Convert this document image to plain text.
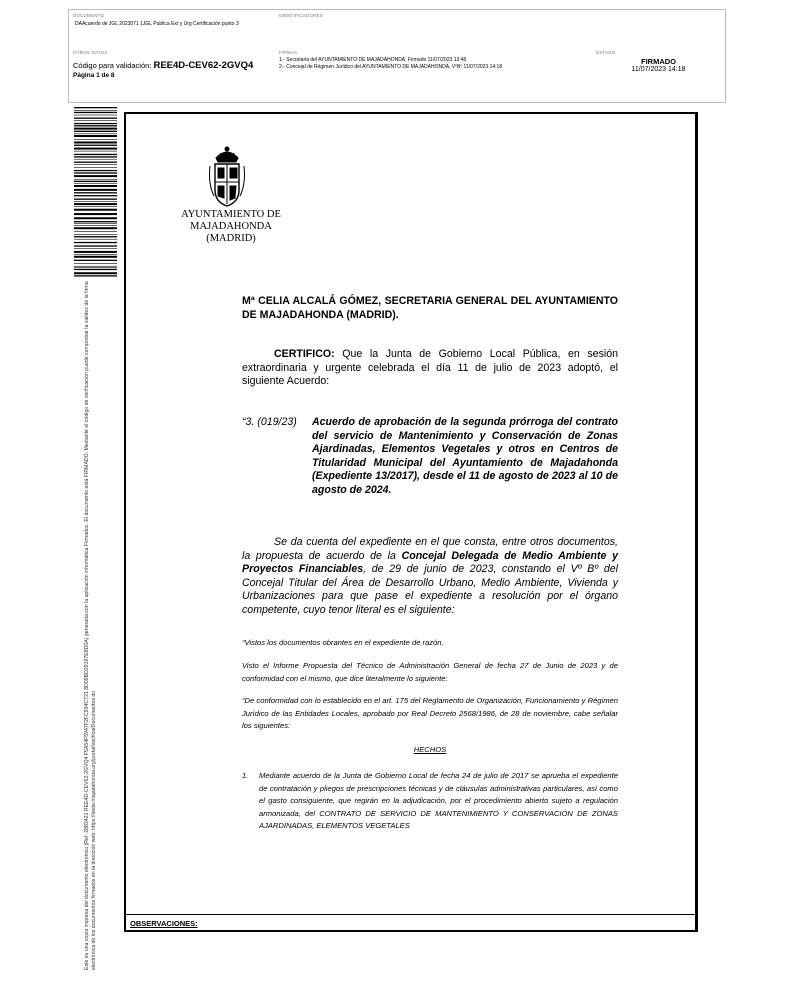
DOCUMENTO
DAAcuerdo de JGL 2023071 1JGL Publica Ext y Urg Certificación punto 3
IDENTIFICADORES
OTROS DATOS
Código para validación: REE4D-CEV62-2GVQ4
Página 1 de 8
FIRMAS
1.- Secretaria del AYUNTAMIENTO DE MAJADAHONDA. Firmado 11/07/2023 13:48
2.- Concejal de Régimen Jurídico del AYUNTAMIENTO DE MAJADAHONDA. VºBº 11/07/2023 14:18
ESTADO
FIRMADO
11/07/2023 14:18
Este es una copia impresa del documento electrónico (Ref: 2883421 REE4D-CEV62-2GVQ4 F5A54F5947F2FC934C721 8D09BD29197E8D0A) generada con la aplicación informática Firmadoc. El documento está FIRMADO. Mediante el código de verificación puede comprobar la validez de la firma electrónica de los documentos firmados en la dirección web: https://sede.majadahonda.org/portal/verificarDocumentos.do	OBSERVACIONES:
AYUNTAMIENTO DE
MAJADAHONDA
(MADRID)
Mª CELIA ALCALÁ GÓMEZ, SECRETARIA GENERAL DEL AYUNTAMIENTO DE MAJADAHONDA (MADRID).
CERTIFICO: Que la Junta de Gobierno Local Pública, en sesión extraordinaria y urgente celebrada el día 11 de julio de 2023 adoptó, el siguiente Acuerdo:
“3. (019/23)	Acuerdo de aprobación de la segunda prórroga del contrato del servicio de Mantenimiento y Conservación de Zonas Ajardinadas, Elementos Vegetales y otros en Centros de Titularidad Municipal del Ayuntamiento de Majadahonda (Expediente 13/2017), desde el 11 de agosto de 2023 al 10 de agosto de 2024.
Se da cuenta del expediente en el que consta, entre otros documentos, la propuesta de acuerdo de la Concejal Delegada de Medio Ambiente y Proyectos Financiables, de 29 de junio de 2023, constando el Vº Bº del Concejal Titular del Área de Desarrollo Urbano, Medio Ambiente, Vivienda y Urbanizaciones para que pase el expediente a resolución por el órgano competente, cuyo tenor literal es el siguiente:
“Vistos los documentos obrantes en el expediente de razón.
Visto el Informe Propuesta del Técnico de Administración General de fecha 27 de Junio de 2023 y de conformidad con el mismo, que dice literalmente lo siguiente:
“De conformidad con lo establecido en el art. 175 del Reglamento de Organización, Funcionamiento y Régimen Jurídico de las Entidades Locales, aprobado por Real Decreto 2568/1986, de 28 de noviembre, cabe señalar los siguientes:
HECHOS
1. Mediante acuerdo de la Junta de Gobierno Local de fecha 24 de julio de 2017 se aprueba el expediente de contratación y pliegos de prescripciones técnicas y de cláusulas administrativas particulares, así como el gasto consiguiente, que regirán en la adjudicación, por el procedimiento abierto sujeto a regulación armonizada, del CONTRATO DE SERVICIO DE MANTENIMIENTO Y CONSERVACIÓN DE ZONAS AJARDINADAS, ELEMENTOS VEGETALES
